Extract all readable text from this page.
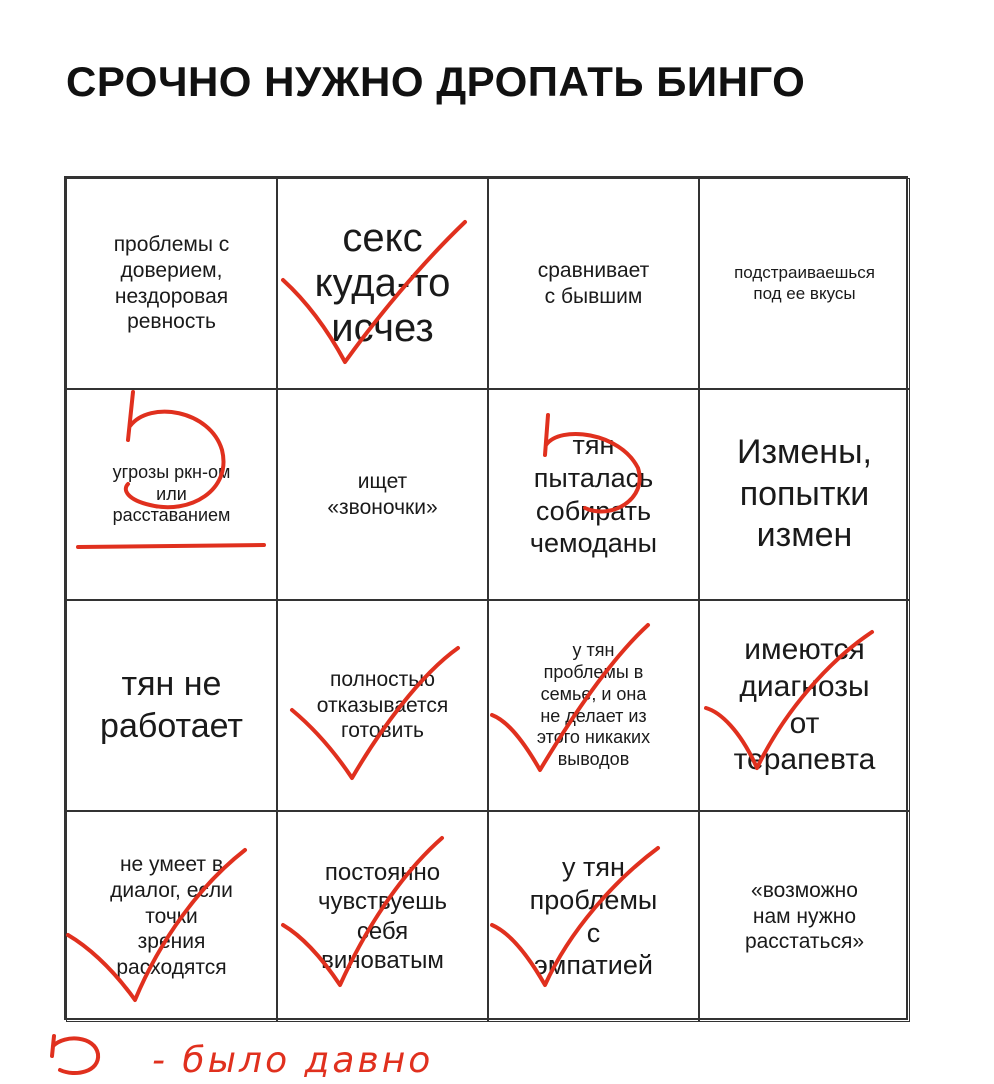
СРОЧНО НУЖНО ДРОПАТЬ БИНГО
проблемы с
доверием,
нездоровая
ревность
секс
куда-то
исчез
сравнивает
с бывшим
подстраиваешься
под ее вкусы
угрозы ркн-ом
или
расставанием
ищет
«звоночки»
тян
пыталась
собирать
чемоданы
Измены,
попытки
измен
тян не
работает
полностью
отказывается
готовить
у тян
проблемы в
семье, и она
не делает из
этого никаких
выводов
имеются
диагнозы
от
терапевта
не умеет в
диалог, если
точки
зрения
расходятся
постоянно
чувствуешь
себя
виноватым
у тян
проблемы
с
эмпатией
«возможно
нам нужно
расстаться»
- было давно
